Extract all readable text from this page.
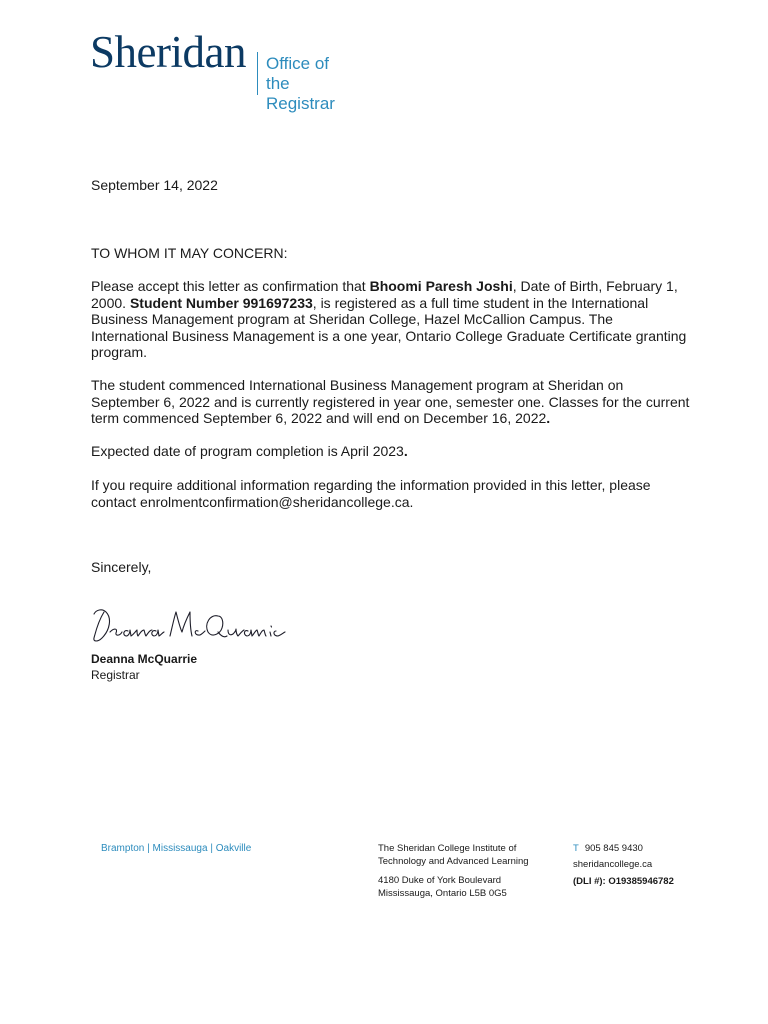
Sheridan Office of
the Registrar
September 14, 2022
TO WHOM IT MAY CONCERN:
Please accept this letter as confirmation that Bhoomi Paresh Joshi, Date of Birth, February 1, 2000. Student Number 991697233, is registered as a full time student in the International Business Management program at Sheridan College, Hazel McCallion Campus. The International Business Management is a one year, Ontario College Graduate Certificate granting program.
The student commenced International Business Management program at Sheridan on September 6, 2022 and is currently registered in year one, semester one. Classes for the current term commenced September 6, 2022 and will end on December 16, 2022.
Expected date of program completion is April 2023.
If you require additional information regarding the information provided in this letter, please contact enrolmentconfirmation@sheridancollege.ca.
Sincerely,
Deanna McQuarrie
Deanna McQuarrie
Registrar
Brampton | Mississauga | Oakville	The Sheridan College Institute of
Technology and Advanced Learning
4180 Duke of York Boulevard
Mississauga, Ontario L5B 0G5
T 905 845 9430
sheridancollege.ca
(DLI #): O19385946782
